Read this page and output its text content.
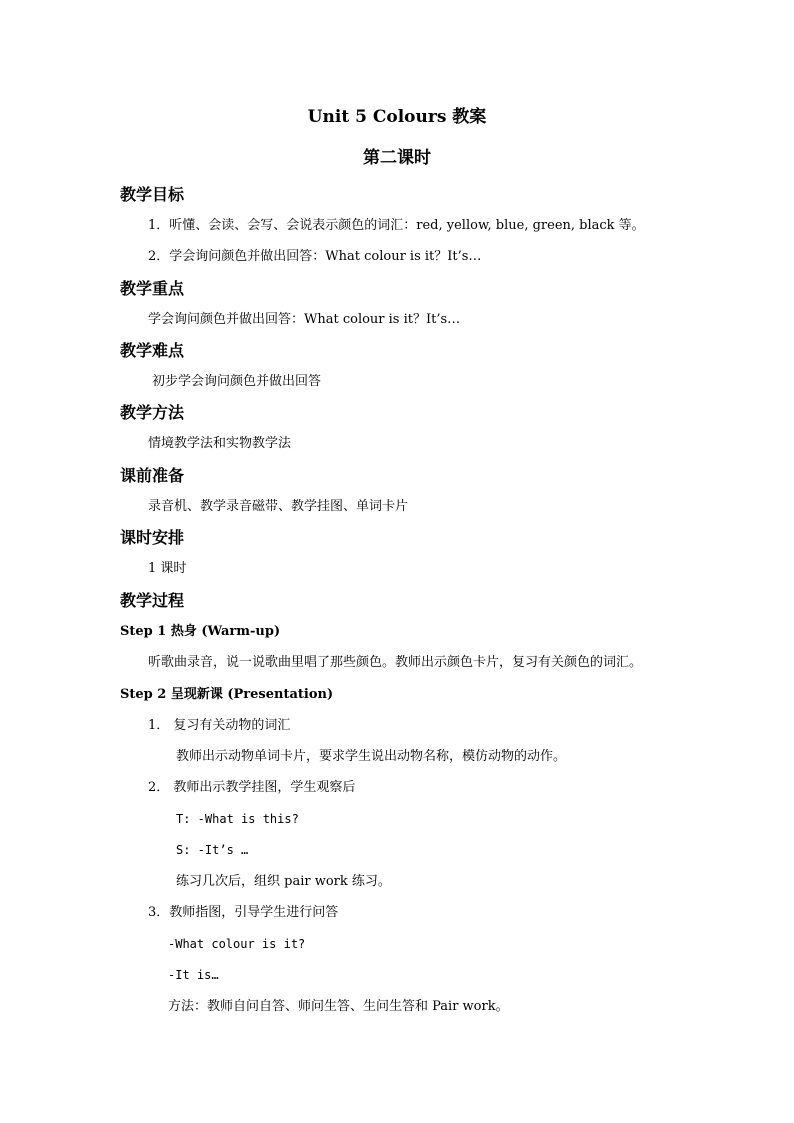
Unit 5 Colours 教案
第二课时
教学目标
1．听懂、会读、会写、会说表示颜色的词汇：red, yellow, blue, green, black 等。
2．学会询问颜色并做出回答：What colour is it？It’s…
教学重点
学会询问颜色并做出回答：What colour is it？It’s…
教学难点
初步学会询问颜色并做出回答
教学方法
情境教学法和实物教学法
课前准备
录音机、教学录音磁带、教学挂图、单词卡片
课时安排
1 课时
教学过程
Step 1 热身 (Warm-up)
听歌曲录音，说一说歌曲里唱了那些颜色。教师出示颜色卡片，复习有关颜色的词汇。
Step 2 呈现新课 (Presentation)
1． 复习有关动物的词汇
教师出示动物单词卡片，要求学生说出动物名称，模仿动物的动作。
2． 教师出示教学挂图，学生观察后
T: -What is this?
S: -It’s …
练习几次后，组织 pair work 练习。
3．教师指图，引导学生进行问答
-What colour is it?
-It is…
方法：教师自问自答、师问生答、生问生答和 Pair work。
